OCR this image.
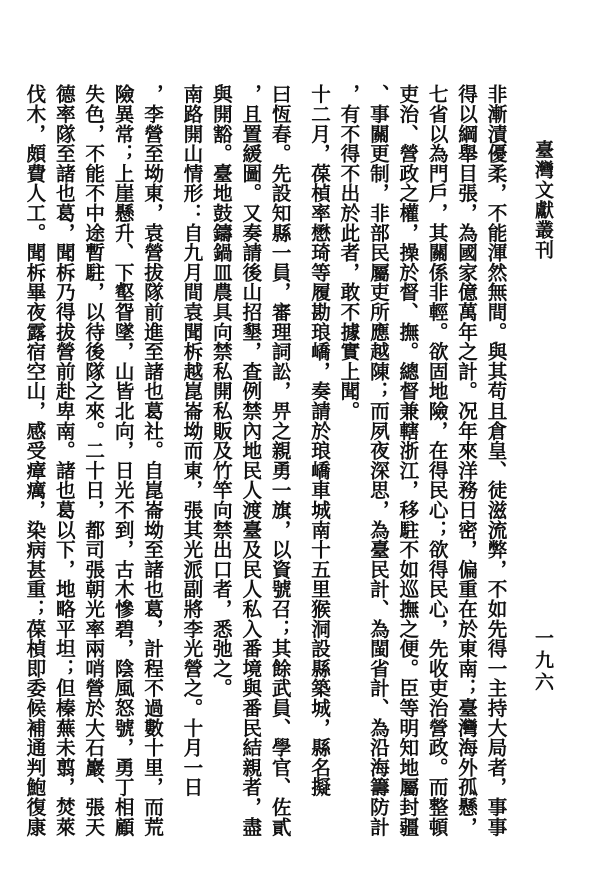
臺灣文獻叢刊
一九六

非漸漬優柔，不能渾然無間。與其苟且倉皇、徒滋流弊，不如先得一主持大局者，事事

得以綱舉目張，為國家億萬年之計。况年來洋務日密，偏重在於東南；臺灣海外孤懸，

七省以為門戶，其關係非輕。欲固地險，在得民心；欲得民心，先收吏治營政。而整頓

吏治、營政之權，操於督、撫。總督兼轄浙江，移駐不如巡撫之便。臣等明知地屬封疆

、事關更制，非部民屬吏所應越陳；而夙夜深思，為臺民計、為閩省計、為沿海籌防計

，有不得不出於此者，敢不據實上聞。

十二月，葆楨率懋琦等履勘琅嶠，奏請於琅嶠車城南十五里猴洞設縣築城，縣名擬

曰恆春。先設知縣一員，審理詞訟，畀之親勇一旗，以資號召；其餘武員、學官、佐貳

，且置緩圖。又奏請後山招墾，查例禁內地民人渡臺及民人私入番境與番民結親者，盡

與開豁。臺地鼓鑄鍋皿農具向禁私開私販及竹竿向禁出口者，悉弛之。

南路開山情形：自九月間袁聞柝越崑崙坳而東，張其光派副將李光營之。十月一日

，李營至坳東，袁營拔隊前進至諸也葛社。自崑崙坳至諸也葛，計程不過數十里，而荒

險異常；上崖懸升、下壑眢墜，山皆北向，日光不到，古木慘碧，陰風怒號，勇丁相顧

失色，不能不中途暫駐，以待後隊之來。二十日，都司張朝光率兩哨營於大石巖、張天

德率隊至諸也葛，聞柝乃得拔營前赴卑南。諸也葛以下，地略平坦；但榛蕪未翦，焚萊

伐木，頗費人工。聞柝畢夜露宿空山，感受瘴癘，染病甚重；葆楨即委候補通判鮑復康
